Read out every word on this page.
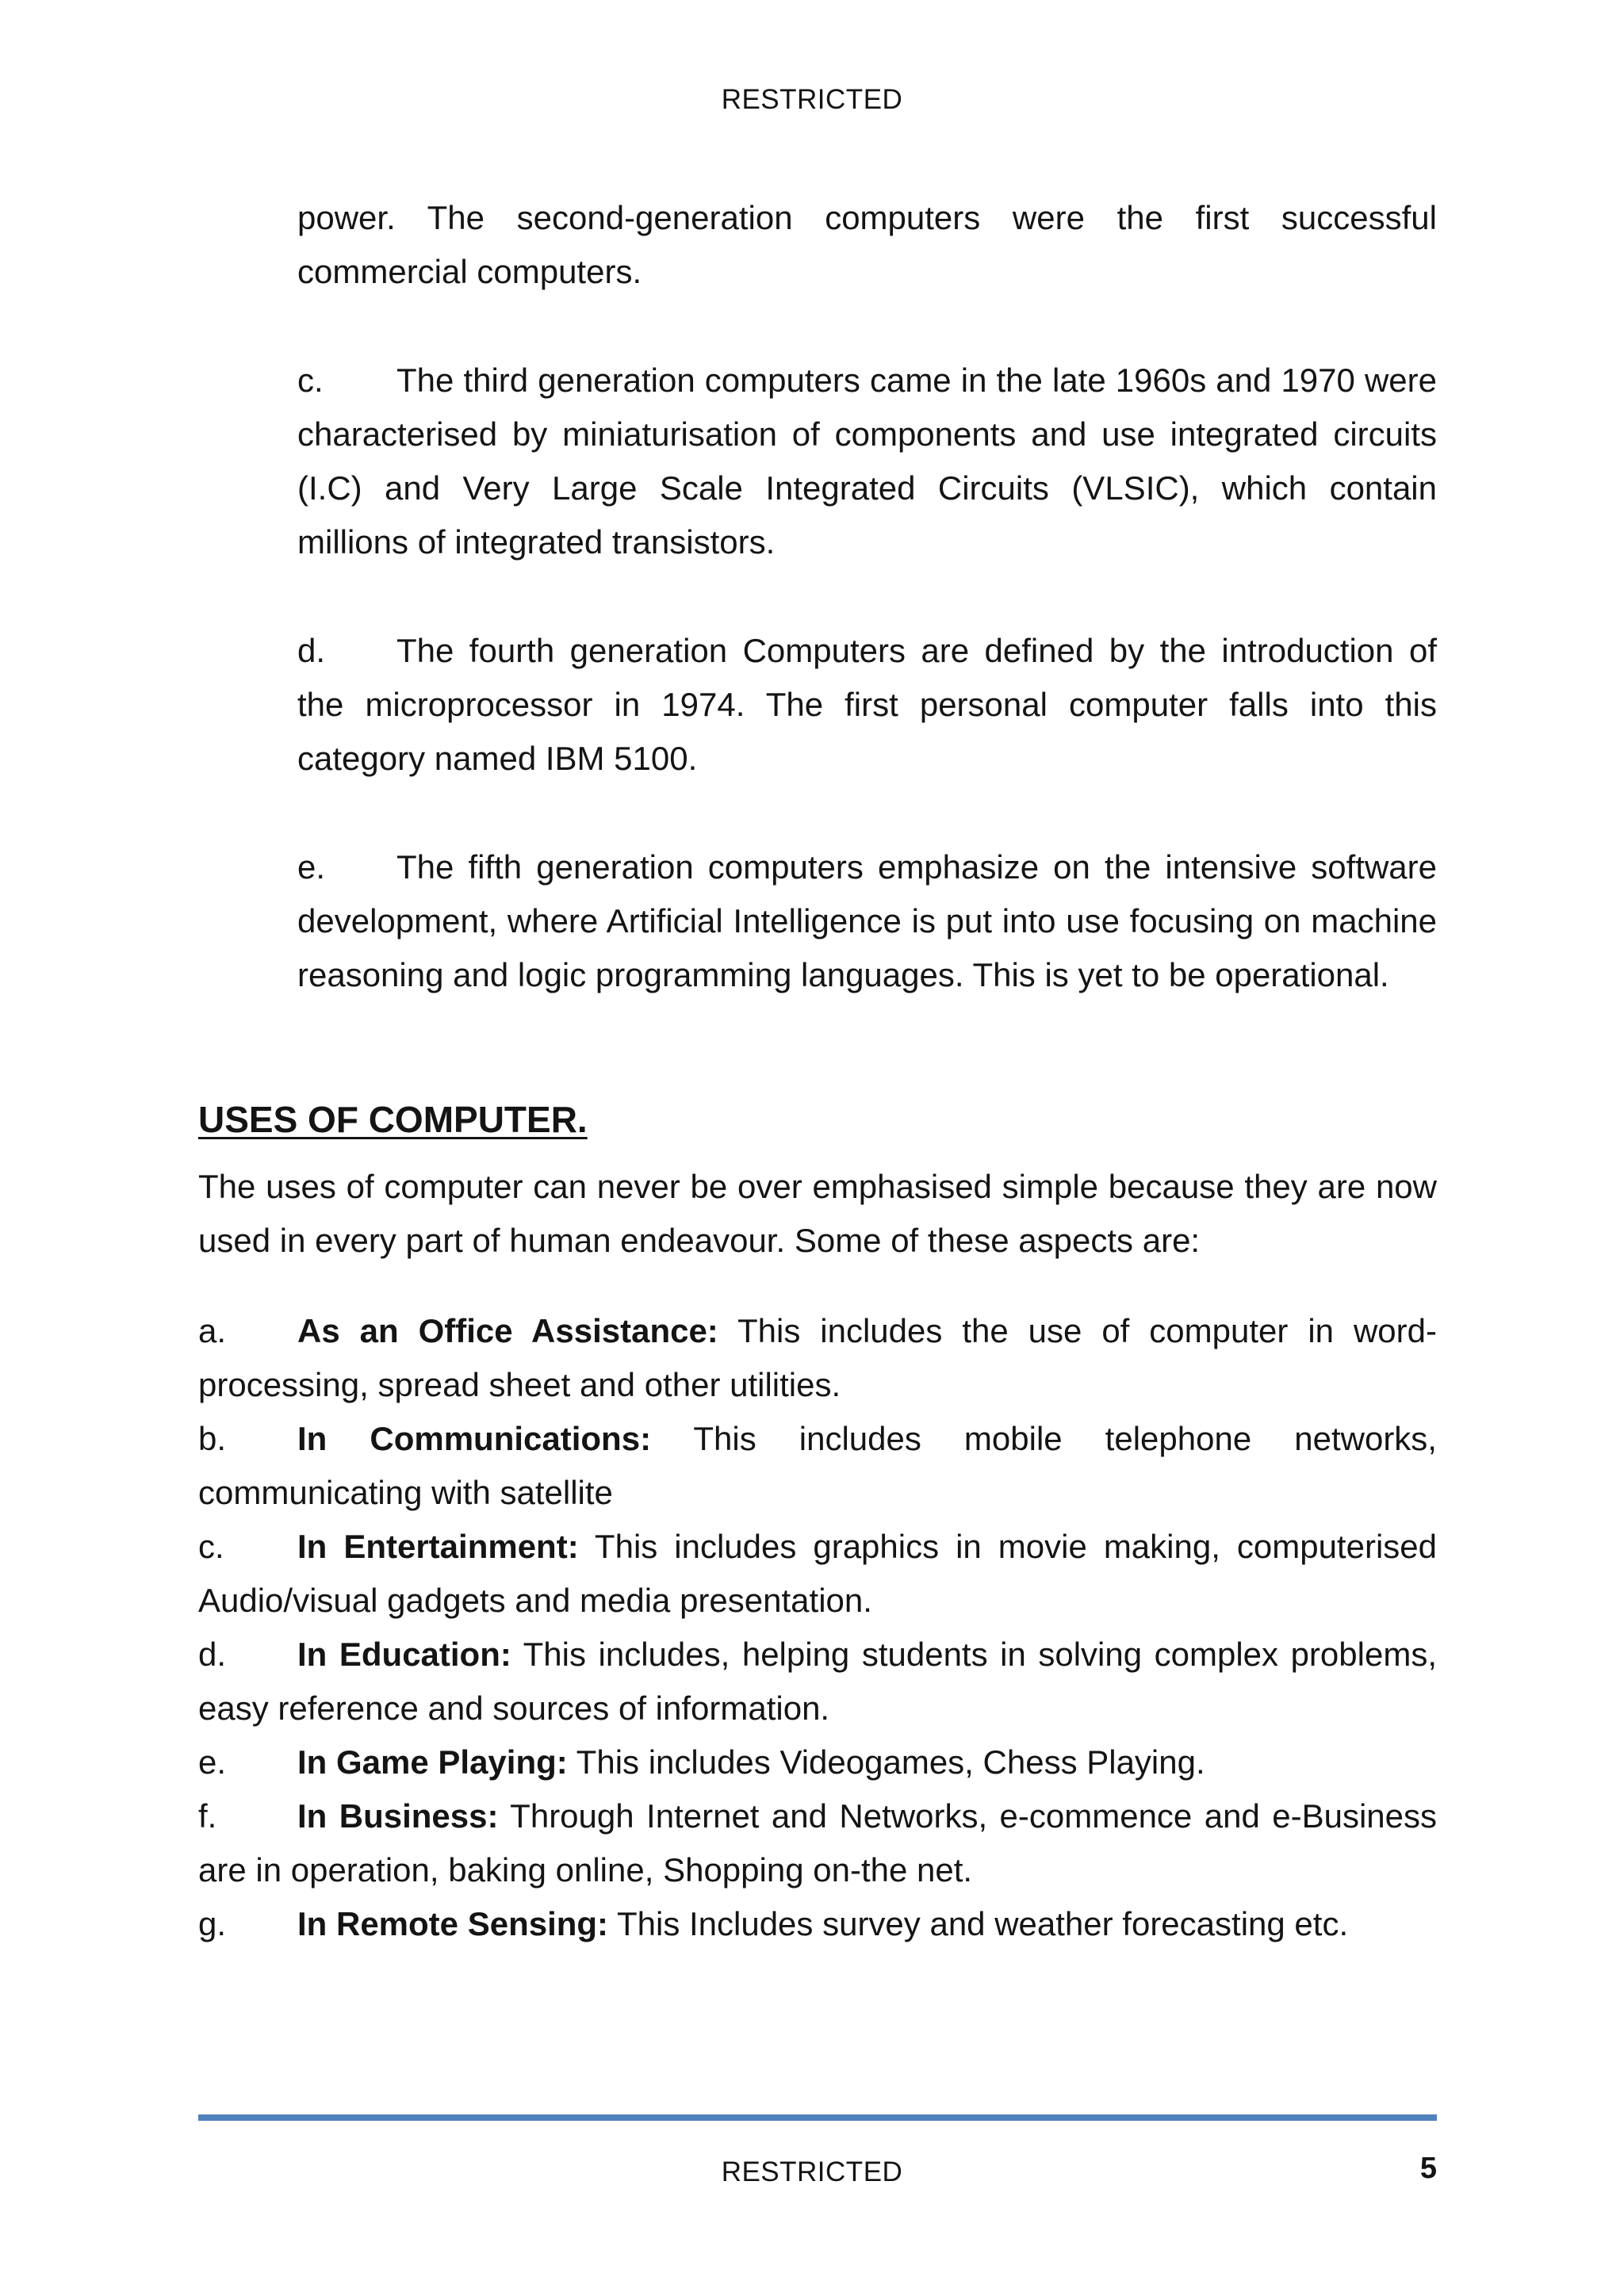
RESTRICTED
power. The second-generation computers were the first successful commercial computers.
c. The third generation computers came in the late 1960s and 1970 were characterised by miniaturisation of components and use integrated circuits (I.C) and Very Large Scale Integrated Circuits (VLSIC), which contain millions of integrated transistors.
d. The fourth generation Computers are defined by the introduction of the microprocessor in 1974. The first personal computer falls into this category named IBM 5100.
e. The fifth generation computers emphasize on the intensive software development, where Artificial Intelligence is put into use focusing on machine reasoning and logic programming languages. This is yet to be operational.
USES OF COMPUTER.
The uses of computer can never be over emphasised simple because they are now used in every part of human endeavour. Some of these aspects are:
a. As an Office Assistance: This includes the use of computer in word-processing, spread sheet and other utilities.
b. In Communications: This includes mobile telephone networks, communicating with satellite
c. In Entertainment: This includes graphics in movie making, computerised Audio/visual gadgets and media presentation.
d. In Education: This includes, helping students in solving complex problems, easy reference and sources of information.
e. In Game Playing: This includes Videogames, Chess Playing.
f. In Business: Through Internet and Networks, e-commence and e-Business are in operation, baking online, Shopping on-the net.
g. In Remote Sensing: This Includes survey and weather forecasting etc.
RESTRICTED	5
